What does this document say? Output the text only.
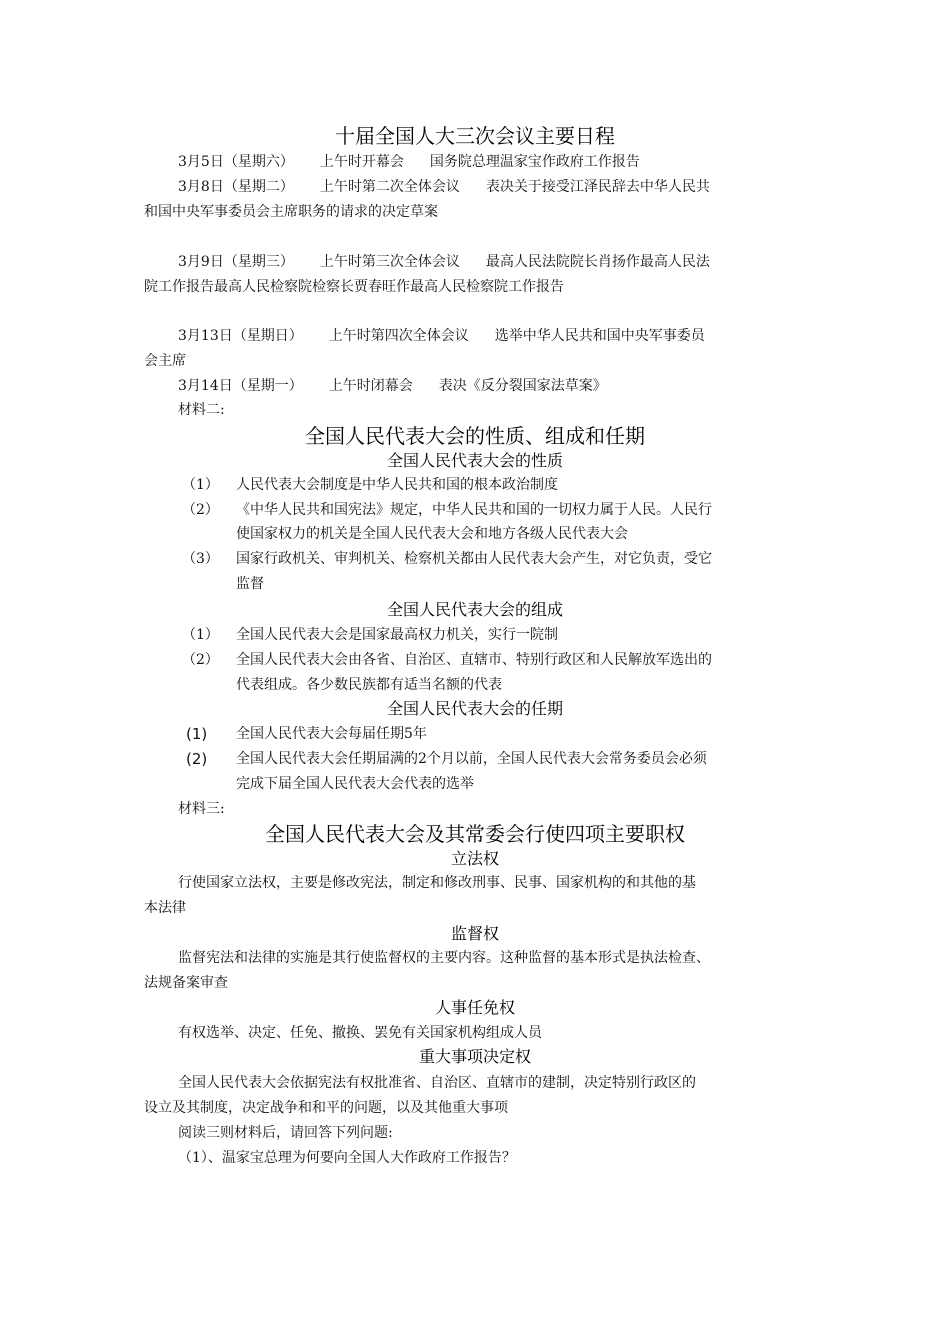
十届全国人大三次会议主要日程
3月5日（星期六） 上午时开幕会 国务院总理温家宝作政府工作报告
3月8日（星期二） 上午时第二次全体会议 表决关于接受江泽民辞去中华人民共
和国中央军事委员会主席职务的请求的决定草案
3月9日（星期三） 上午时第三次全体会议 最高人民法院院长肖扬作最高人民法
院工作报告最高人民检察院检察长贾春旺作最高人民检察院工作报告
3月13日（星期日） 上午时第四次全体会议 选举中华人民共和国中央军事委员
会主席
3月14日（星期一） 上午时闭幕会 表决《反分裂国家法草案》
材料二:
全国人民代表大会的性质、组成和任期
全国人民代表大会的性质
（1） 人民代表大会制度是中华人民共和国的根本政治制度
（2） 《中华人民共和国宪法》规定，中华人民共和国的一切权力属于人民。人民行
使国家权力的机关是全国人民代表大会和地方各级人民代表大会
（3） 国家行政机关、审判机关、检察机关都由人民代表大会产生，对它负责，受它
监督
全国人民代表大会的组成
（1） 全国人民代表大会是国家最高权力机关，实行一院制
（2） 全国人民代表大会由各省、自治区、直辖市、特别行政区和人民解放军选出的
代表组成。各少数民族都有适当名额的代表
全国人民代表大会的任期
(1) 全国人民代表大会每届任期5年
(2) 全国人民代表大会任期届满的2个月以前，全国人民代表大会常务委员会必须
完成下届全国人民代表大会代表的选举
材料三:
全国人民代表大会及其常委会行使四项主要职权
立法权
行使国家立法权，主要是修改宪法，制定和修改刑事、民事、国家机构的和其他的基
本法律
监督权
监督宪法和法律的实施是其行使监督权的主要内容。这种监督的基本形式是执法检查、
法规备案审查
人事任免权
有权选举、决定、任免、撤换、罢免有关国家机构组成人员
重大事项决定权
全国人民代表大会依据宪法有权批准省、自治区、直辖市的建制，决定特别行政区的
设立及其制度，决定战争和和平的问题，以及其他重大事项
阅读三则材料后，请回答下列问题:
（1）、温家宝总理为何要向全国人大作政府工作报告？
